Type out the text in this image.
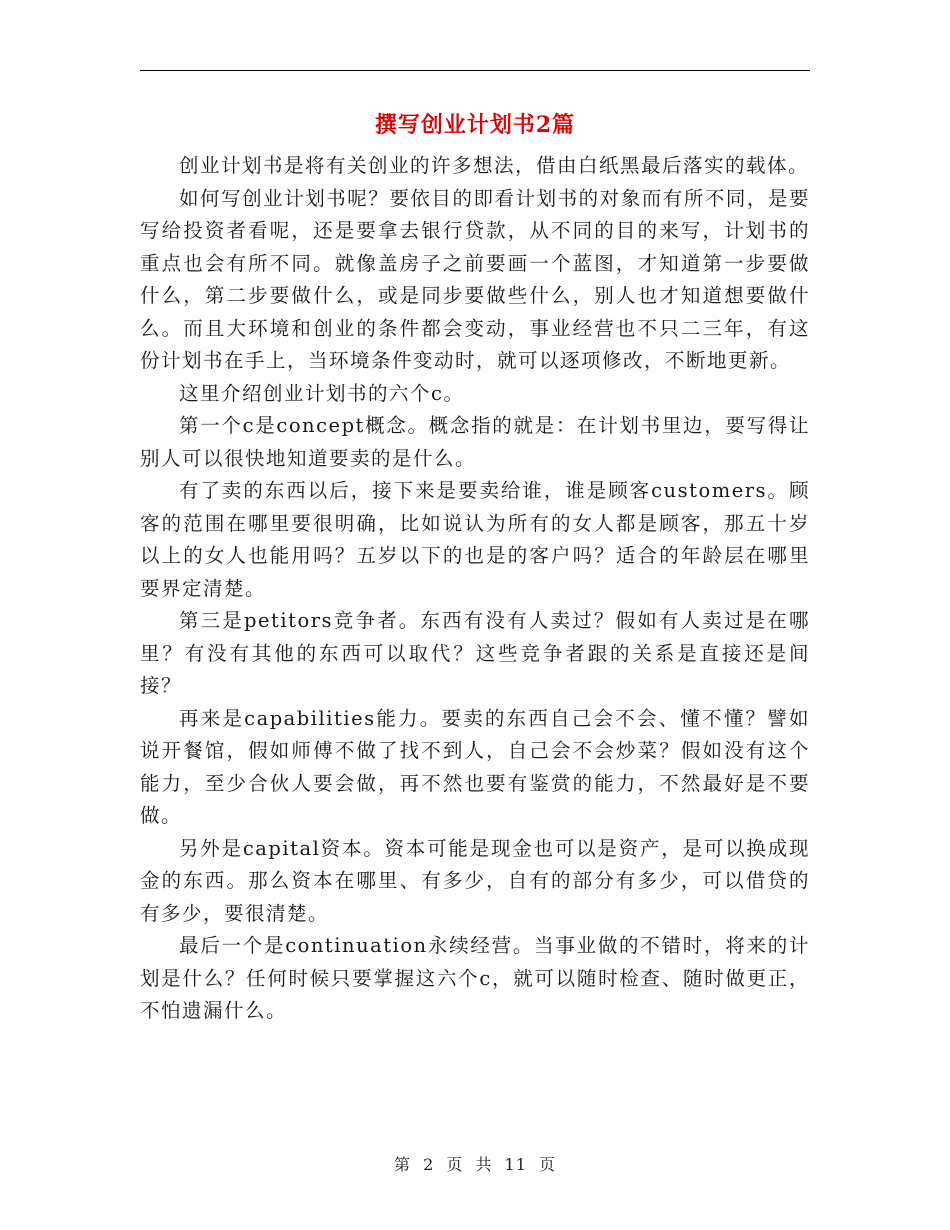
撰写创业计划书2篇

创业计划书是将有关创业的许多想法，借由白纸黑最后落实的载体。

如何写创业计划书呢？要依目的即看计划书的对象而有所不同，是要写给投资者看呢，还是要拿去银行贷款，从不同的目的来写，计划书的重点也会有所不同。就像盖房子之前要画一个蓝图，才知道第一步要做什么，第二步要做什么，或是同步要做些什么，别人也才知道想要做什么。而且大环境和创业的条件都会变动，事业经营也不只二三年，有这份计划书在手上，当环境条件变动时，就可以逐项修改，不断地更新。

这里介绍创业计划书的六个c。

第一个c是concept概念。概念指的就是：在计划书里边，要写得让别人可以很快地知道要卖的是什么。

有了卖的东西以后，接下来是要卖给谁，谁是顾客customers。顾客的范围在哪里要很明确，比如说认为所有的女人都是顾客，那五十岁以上的女人也能用吗？五岁以下的也是的客户吗？适合的年龄层在哪里要界定清楚。

第三是petitors竞争者。东西有没有人卖过？假如有人卖过是在哪里？有没有其他的东西可以取代？这些竞争者跟的关系是直接还是间接？

再来是capabilities能力。要卖的东西自己会不会、懂不懂？譬如说开餐馆，假如师傅不做了找不到人，自己会不会炒菜？假如没有这个能力，至少合伙人要会做，再不然也要有鉴赏的能力，不然最好是不要做。

另外是capital资本。资本可能是现金也可以是资产，是可以换成现金的东西。那么资本在哪里、有多少，自有的部分有多少，可以借贷的有多少，要很清楚。

最后一个是continuation永续经营。当事业做的不错时，将来的计划是什么？任何时候只要掌握这六个c，就可以随时检查、随时做更正，不怕遗漏什么。

第 2 页 共 11 页
